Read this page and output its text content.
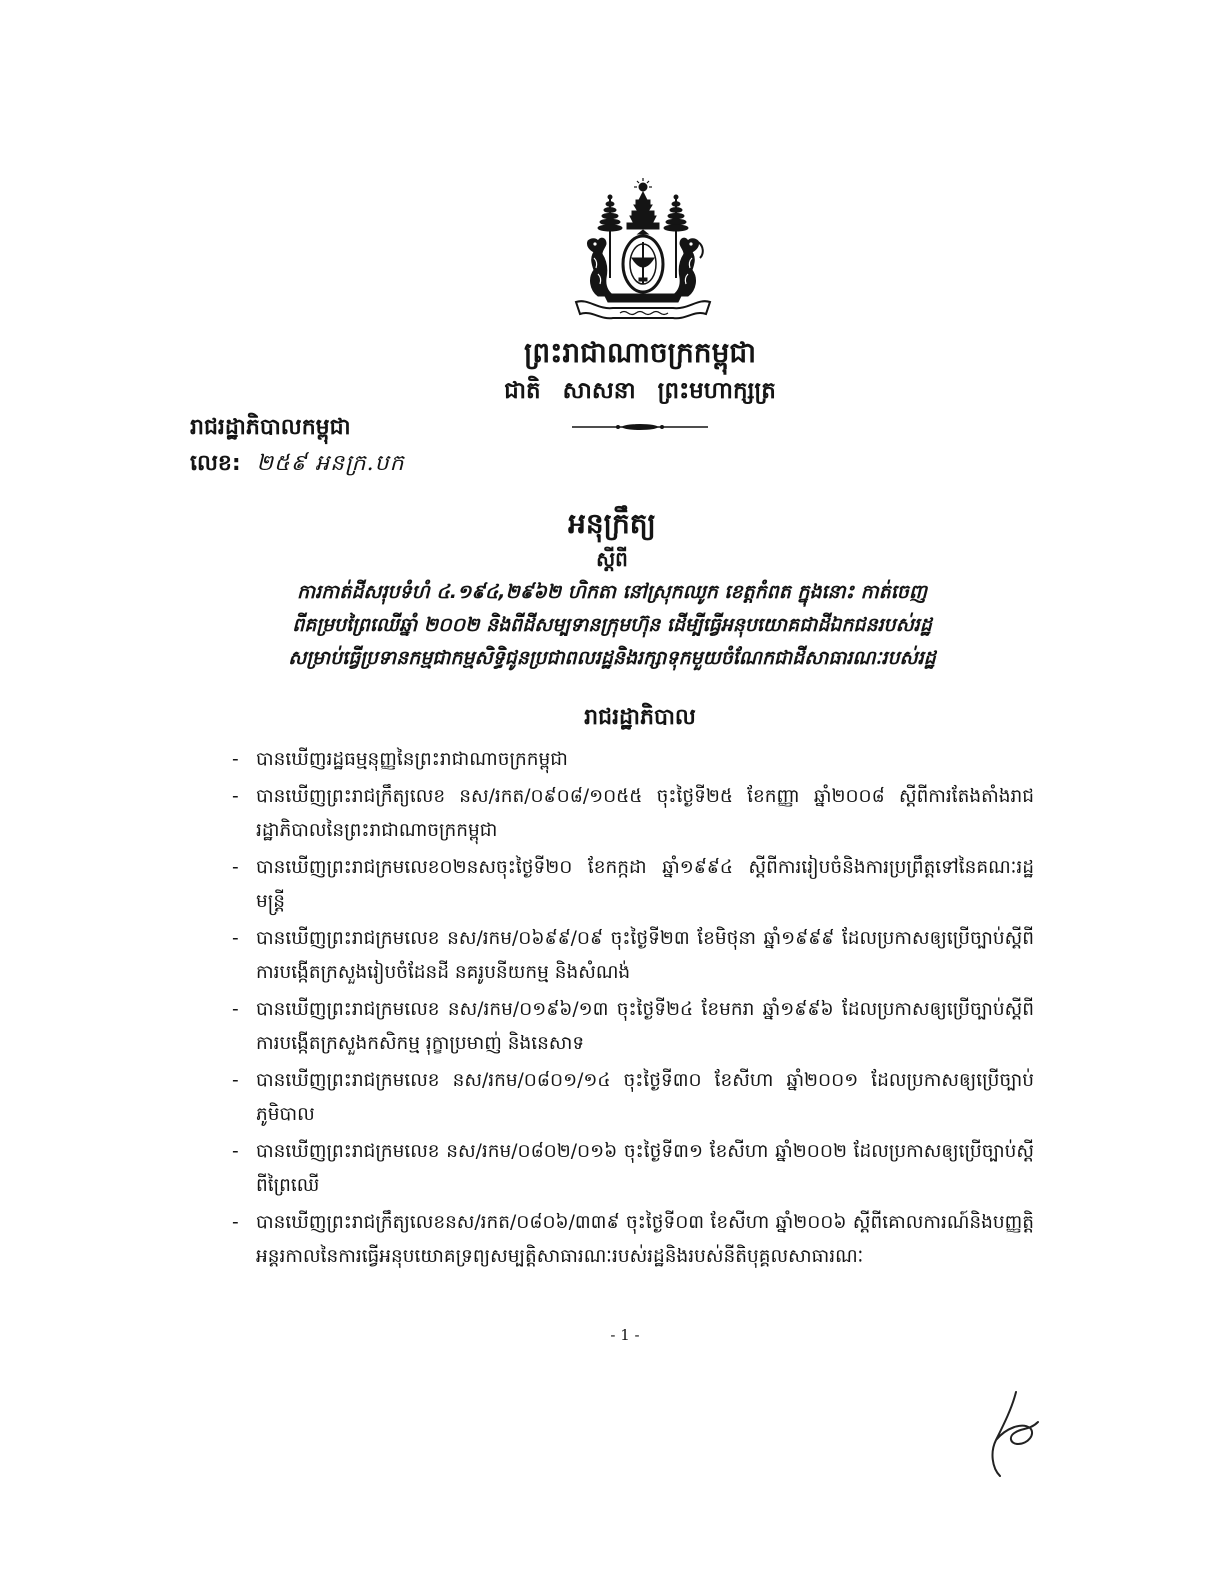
ព្រះរាជាណាចក្រកម្ពុជា
ជាតិ សាសនា ព្រះមហាក្សត្រ
រាជរដ្ឋាភិបាលកម្ពុជា
លេខ: ២៥៩ អនក្រ.បក
អនុក្រឹត្យ
ស្តីពី
ការកាត់ដីសរុបទំហំ ៤.១៩៤,២៩៦២ ហិកតា នៅស្រុកឈូក ខេត្តកំពត ក្នុងនោះ កាត់ចេញ
ពីគម្របព្រៃឈើឆ្នាំ ២០០២ និងពីដីសម្បទានក្រុមហ៊ុន ដើម្បីធ្វើអនុបយោគជាដីឯកជនរបស់រដ្ឋ
សម្រាប់ធ្វើប្រទានកម្មជាកម្មសិទ្ធិជូនប្រជាពលរដ្ឋនិងរក្សាទុកមួយចំណែកជាដីសាធារណៈរបស់រដ្ឋ
រាជរដ្ឋាភិបាល
- បានឃើញរដ្ឋធម្មនុញ្ញនៃព្រះរាជាណាចក្រកម្ពុជា
- បានឃើញព្រះរាជក្រឹត្យលេខ នស/រកត/០៩០៨/១០៥៥ ចុះថ្ងៃទី២៥ ខែកញ្ញា ឆ្នាំ២០០៨ ស្តីពីការតែងតាំងរាជរដ្ឋាភិបាលនៃព្រះរាជាណាចក្រកម្ពុជា
- បានឃើញព្រះរាជក្រមលេខ០២នសចុះថ្ងៃទី២០ ខែកក្កដា ឆ្នាំ១៩៩៤ ស្តីពីការរៀបចំនិងការប្រព្រឹត្តទៅនៃគណៈរដ្ឋមន្ត្រី
- បានឃើញព្រះរាជក្រមលេខ នស/រកម/០៦៩៩/០៩ ចុះថ្ងៃទី២៣ ខែមិថុនា ឆ្នាំ១៩៩៩ ដែលប្រកាសឲ្យប្រើច្បាប់ស្តីពីការបង្កើតក្រសួងរៀបចំដែនដី នគរូបនីយកម្ម និងសំណង់
- បានឃើញព្រះរាជក្រមលេខ នស/រកម/០១៩៦/១៣ ចុះថ្ងៃទី២៤ ខែមករា ឆ្នាំ១៩៩៦ ដែលប្រកាសឲ្យប្រើច្បាប់ស្តីពីការបង្កើតក្រសួងកសិកម្ម រុក្ខាប្រមាញ់ និងនេសាទ
- បានឃើញព្រះរាជក្រមលេខ នស/រកម/០៨០១/១៤ ចុះថ្ងៃទី៣០ ខែសីហា ឆ្នាំ២០០១ ដែលប្រកាសឲ្យប្រើច្បាប់ភូមិបាល
- បានឃើញព្រះរាជក្រមលេខ នស/រកម/០៨០២/០១៦ ចុះថ្ងៃទី៣១ ខែសីហា ឆ្នាំ២០០២ ដែលប្រកាសឲ្យប្រើច្បាប់ស្តីពីព្រៃឈើ
- បានឃើញព្រះរាជក្រឹត្យលេខនស/រកត/០៨០៦/៣៣៩ ចុះថ្ងៃទី០៣ ខែសីហា ឆ្នាំ២០០៦ ស្តីពីគោលការណ៍និងបញ្ញត្តិអន្តរកាលនៃការធ្វើអនុបយោគទ្រព្យសម្បត្តិសាធារណៈរបស់រដ្ឋនិងរបស់នីតិបុគ្គលសាធារណៈ
- 1 -
